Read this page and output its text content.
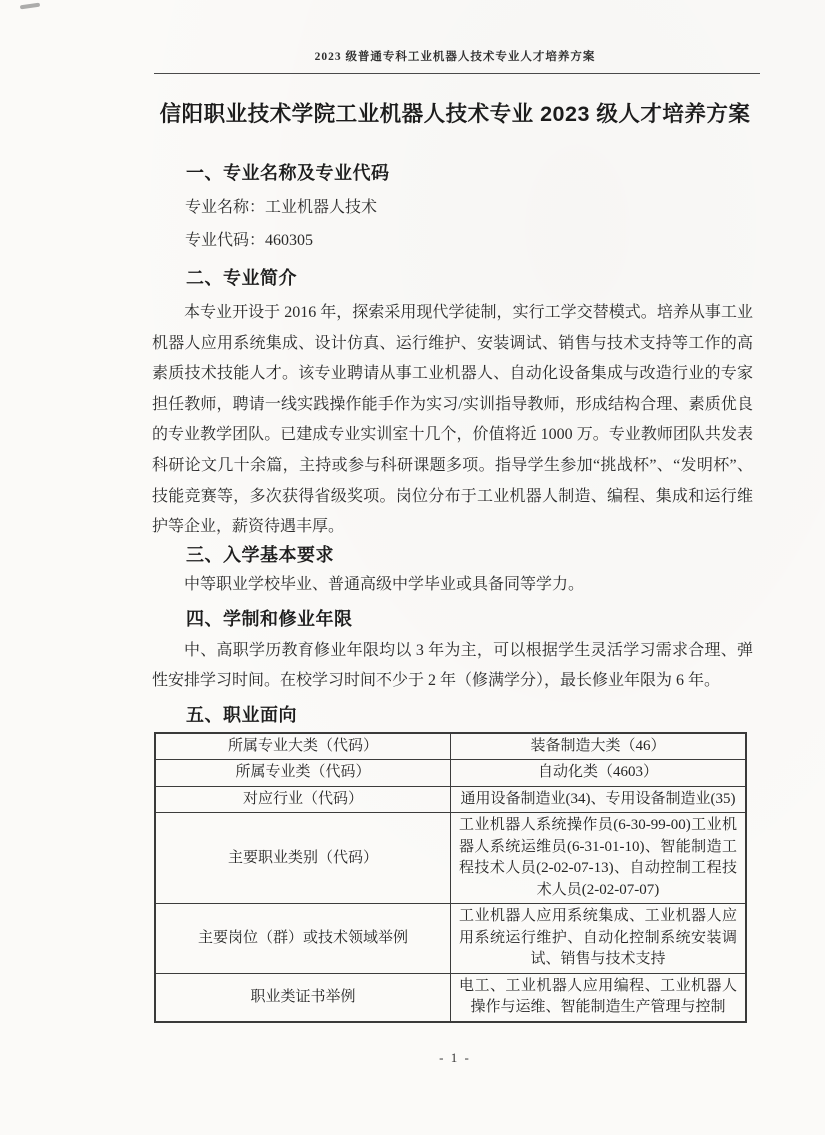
2023 级普通专科工业机器人技术专业人才培养方案
信阳职业技术学院工业机器人技术专业 2023 级人才培养方案
一、专业名称及专业代码
专业名称：工业机器人技术
专业代码：460305
二、专业简介
本专业开设于 2016 年，探索采用现代学徒制，实行工学交替模式。培养从事工业机器人应用系统集成、设计仿真、运行维护、安装调试、销售与技术支持等工作的高素质技术技能人才。该专业聘请从事工业机器人、自动化设备集成与改造行业的专家担任教师，聘请一线实践操作能手作为实习/实训指导教师，形成结构合理、素质优良的专业教学团队。已建成专业实训室十几个，价值将近 1000 万。专业教师团队共发表科研论文几十余篇，主持或参与科研课题多项。指导学生参加“挑战杯”、“发明杯”、技能竞赛等，多次获得省级奖项。岗位分布于工业机器人制造、编程、集成和运行维护等企业，薪资待遇丰厚。
三、入学基本要求
中等职业学校毕业、普通高级中学毕业或具备同等学力。
四、学制和修业年限
中、高职学历教育修业年限均以 3 年为主，可以根据学生灵活学习需求合理、弹性安排学习时间。在校学习时间不少于 2 年（修满学分），最长修业年限为 6 年。
五、职业面向
所属专业大类（代码）	装备制造大类（46）
所属专业类（代码）	自动化类（4603）
对应行业（代码）	通用设备制造业(34)、专用设备制造业(35)
主要职业类别（代码）	工业机器人系统操作员(6-30-99-00)工业机器人系统运维员(6-31-01-10)、智能制造工程技术人员(2-02-07-13)、自动控制工程技术人员(2-02-07-07)
主要岗位（群）或技术领域举例	工业机器人应用系统集成、工业机器人应用系统运行维护、自动化控制系统安装调试、销售与技术支持
职业类证书举例	电工、工业机器人应用编程、工业机器人操作与运维、智能制造生产管理与控制
- 1 -
